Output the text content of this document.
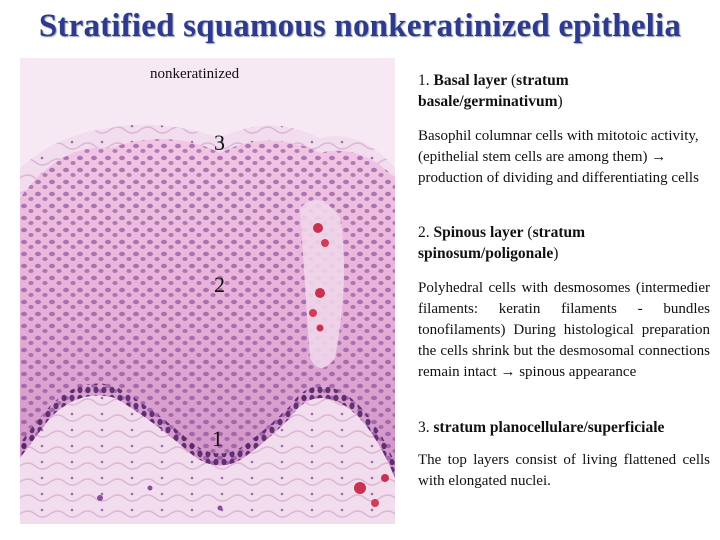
Stratified squamous nonkeratinized epithelia
nonkeratinized
3
2
1
1. Basal layer (stratum basale/germinativum)
Basophil columnar cells with mitotoic activity, (epithelial stem cells are among them) → production of dividing and differentiating cells
2. Spinous layer (stratum spinosum/poligonale)
Polyhedral cells with desmosomes (intermedier filaments: keratin filaments - bundles tonofilaments) During histological preparation the cells shrink but the desmosomal connections remain intact → spinous appearance
3. stratum planocellulare/superficiale
The top layers consist of living flattened cells with elongated nuclei.
